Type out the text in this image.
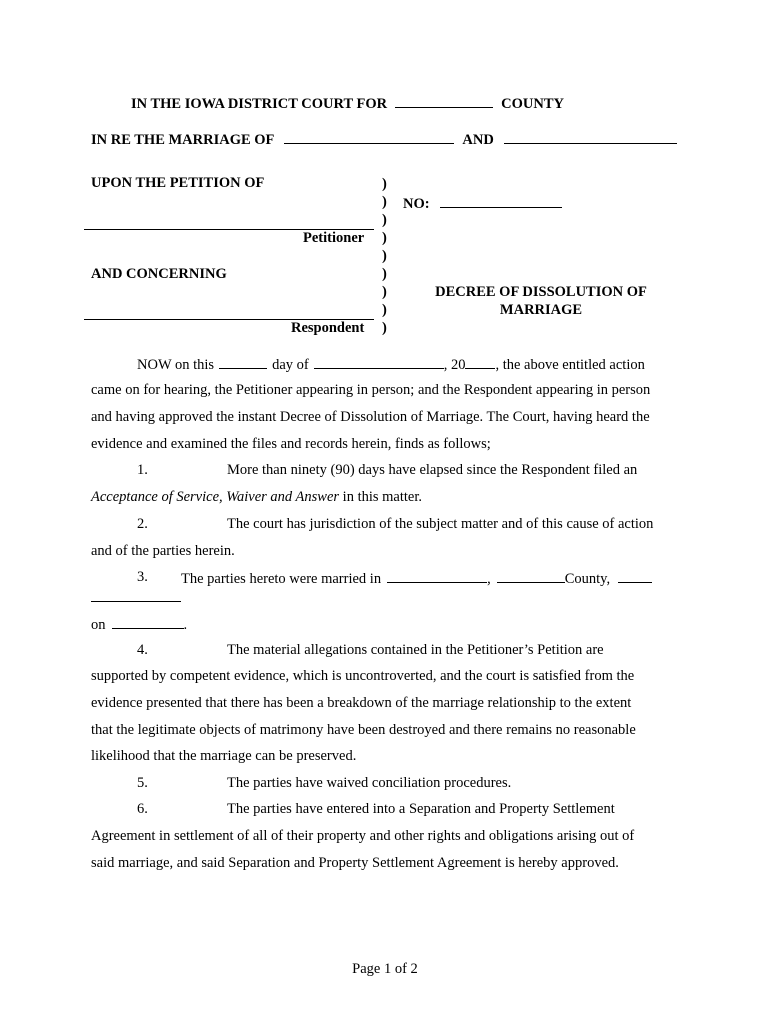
IN THE IOWA DISTRICT COURT FOR	COUNTY
IN RE THE MARRIAGE OF	AND
UPON THE PETITION OF
Petitioner
AND CONCERNING
Respondent
)
)
)
)
)
)
)
)
)
NO:
DECREE OF DISSOLUTION OF
MARRIAGE
NOW on this	day of	, 20 , the above entitled action
came on for hearing, the Petitioner appearing in person; and the Respondent appearing in person
and having approved the instant Decree of Dissolution of Marriage. The Court, having heard the
evidence and examined the files and records herein, finds as follows;
1.	More than ninety (90) days have elapsed since the Respondent filed an
Acceptance of Service, Waiver and Answer in this matter.
2.	The court has jurisdiction of the subject matter and of this cause of action
and of the parties herein.
3. The parties hereto were married in	,	County,
on	.
4.	The material allegations contained in the Petitioner’s Petition are
supported by competent evidence, which is uncontroverted, and the court is satisfied from the
evidence presented that there has been a breakdown of the marriage relationship to the extent
that the legitimate objects of matrimony have been destroyed and there remains no reasonable
likelihood that the marriage can be preserved.
5.	The parties have waived conciliation procedures.
6.	The parties have entered into a Separation and Property Settlement
Agreement in settlement of all of their property and other rights and obligations arising out of
said marriage, and said Separation and Property Settlement Agreement is hereby approved.
Page 1 of 2
